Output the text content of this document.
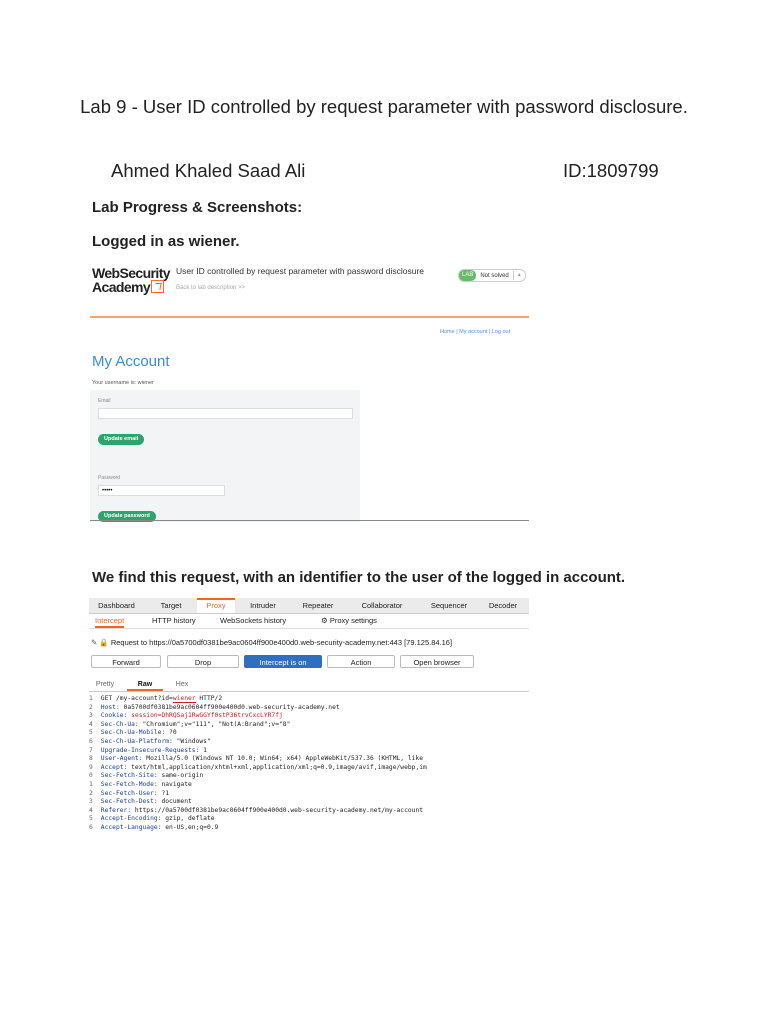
Lab 9 - User ID controlled by request parameter with password disclosure.
Ahmed Khaled Saad Ali	ID:1809799
Lab Progress & Screenshots:
Logged in as wiener.
WebSecurity
Academy
User ID controlled by request parameter with password disclosure
Back to lab description >>
LAB	Not solved	▲
Home | My account | Log out
My Account
Your username is: wiener
Email
Update email
Password
•••••
Update password
We find this request, with an identifier to the user of the logged in account.
Dashboard	Target	Proxy	Intruder	Repeater	Collaborator	Sequencer	Decoder
Intercept	HTTP history	WebSockets history	⚙ Proxy settings
✎ 🔒 Request to https://0a5700df0381be9ac0604ff900e400d0.web-security-academy.net:443 [79.125.84.16]
Forward	Drop	Intercept is on	Action	Open browser
Pretty	Raw	Hex
1 GET /my-account?id=wiener HTTP/2
2 Host: 0a5700df0381be9ac0604ff900e400d0.web-security-academy.net
3 Cookie: session=DhRQSaj1RwGGYf0stP36trvCxcLYR7fj
4 Sec-Ch-Ua: "Chromium";v="111", "Not(A:Brand";v="8"
5 Sec-Ch-Ua-Mobile: ?0
6 Sec-Ch-Ua-Platform: "Windows"
7 Upgrade-Insecure-Requests: 1
8 User-Agent: Mozilla/5.0 (Windows NT 10.0; Win64; x64) AppleWebKit/537.36 (KHTML, like
9 Accept: text/html,application/xhtml+xml,application/xml;q=0.9,image/avif,image/webp,im
0 Sec-Fetch-Site: same-origin
1 Sec-Fetch-Mode: navigate
2 Sec-Fetch-User: ?1
3 Sec-Fetch-Dest: document
4 Referer: https://0a5700df0381be9ac0604ff900e400d0.web-security-academy.net/my-account
5 Accept-Encoding: gzip, deflate
6 Accept-Language: en-US,en;q=0.9
